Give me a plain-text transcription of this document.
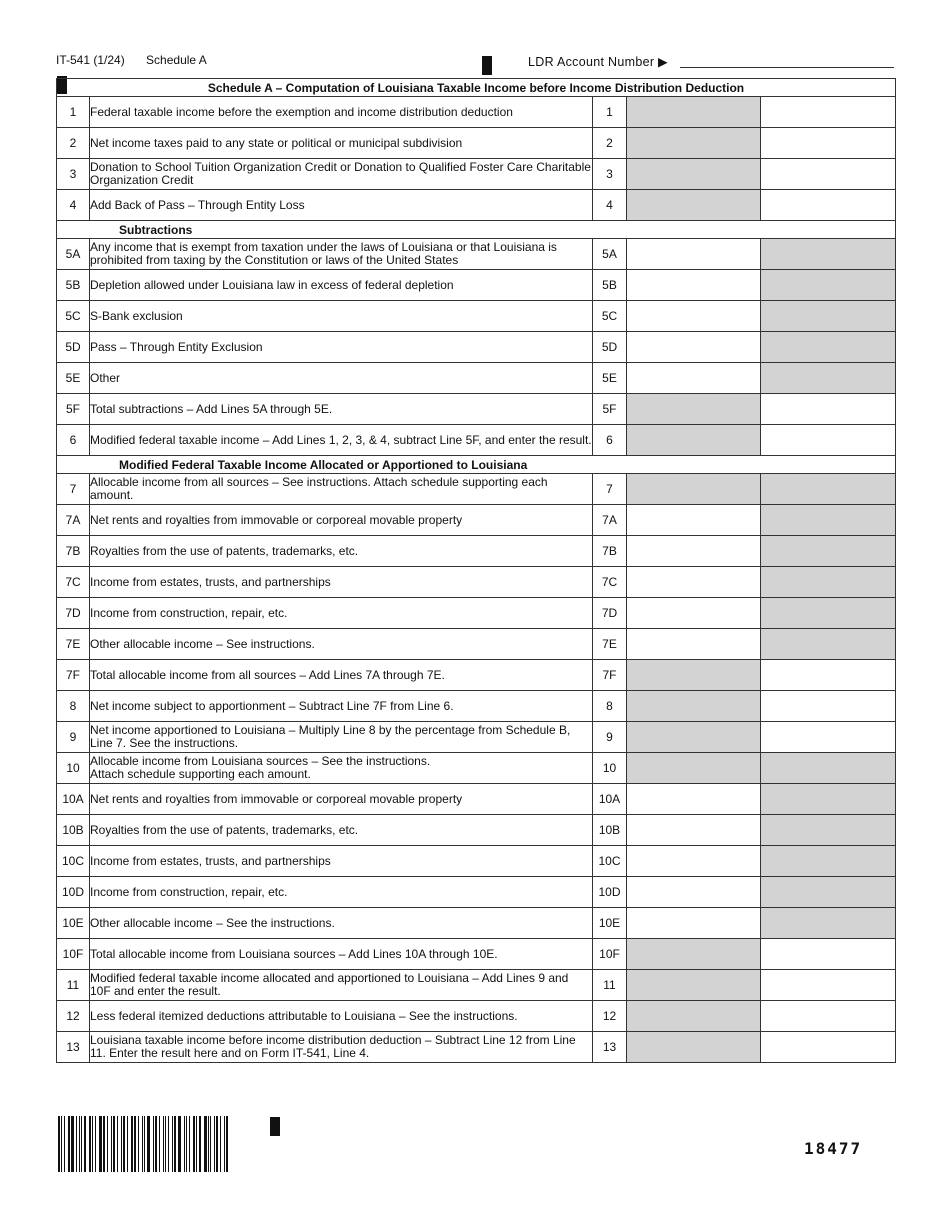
IT-541 (1/24) Schedule A	LDR Account Number ▶
Schedule A – Computation of Louisiana Taxable Income before Income Distribution Deduction				
1	Federal taxable income before the exemption and income distribution deduction	1		
2	Net income taxes paid to any state or political or municipal subdivision	2		
3	Donation to School Tuition Organization Credit or Donation to Qualified Foster Care Charitable Organization Credit	3		
4	Add Back of Pass – Through Entity Loss	4		
Subtractions				
5A	Any income that is exempt from taxation under the laws of Louisiana or that Louisiana is prohibited from taxing by the Constitution or laws of the United States	5A		
5B	Depletion allowed under Louisiana law in excess of federal depletion	5B		
5C	S-Bank exclusion	5C		
5D	Pass – Through Entity Exclusion	5D		
5E	Other	5E		
5F	Total subtractions – Add Lines 5A through 5E.	5F		
6	Modified federal taxable income – Add Lines 1, 2, 3, & 4, subtract Line 5F, and enter the result.	6		
Modified Federal Taxable Income Allocated or Apportioned to Louisiana				
7	Allocable income from all sources – See instructions. Attach schedule supporting each amount.	7		
7A	Net rents and royalties from immovable or corporeal movable property	7A		
7B	Royalties from the use of patents, trademarks, etc.	7B		
7C	Income from estates, trusts, and partnerships	7C		
7D	Income from construction, repair, etc.	7D		
7E	Other allocable income – See instructions.	7E		
7F	Total allocable income from all sources – Add Lines 7A through 7E.	7F		
8	Net income subject to apportionment – Subtract Line 7F from Line 6.	8		
9	Net income apportioned to Louisiana – Multiply Line 8 by the percentage from Schedule B, Line 7. See the instructions.	9		
10	Allocable income from Louisiana sources – See the instructions.
Attach schedule supporting each amount.	10		
10A	Net rents and royalties from immovable or corporeal movable property	10A		
10B	Royalties from the use of patents, trademarks, etc.	10B		
10C	Income from estates, trusts, and partnerships	10C		
10D	Income from construction, repair, etc.	10D		
10E	Other allocable income – See the instructions.	10E		
10F	Total allocable income from Louisiana sources – Add Lines 10A through 10E.	10F		
11	Modified federal taxable income allocated and apportioned to Louisiana – Add Lines 9 and 10F and enter the result.	11		
12	Less federal itemized deductions attributable to Louisiana – See the instructions.	12		
13	Louisiana taxable income before income distribution deduction – Subtract Line 12 from Line 11. Enter the result here and on Form IT-541, Line 4.	13		
18477
